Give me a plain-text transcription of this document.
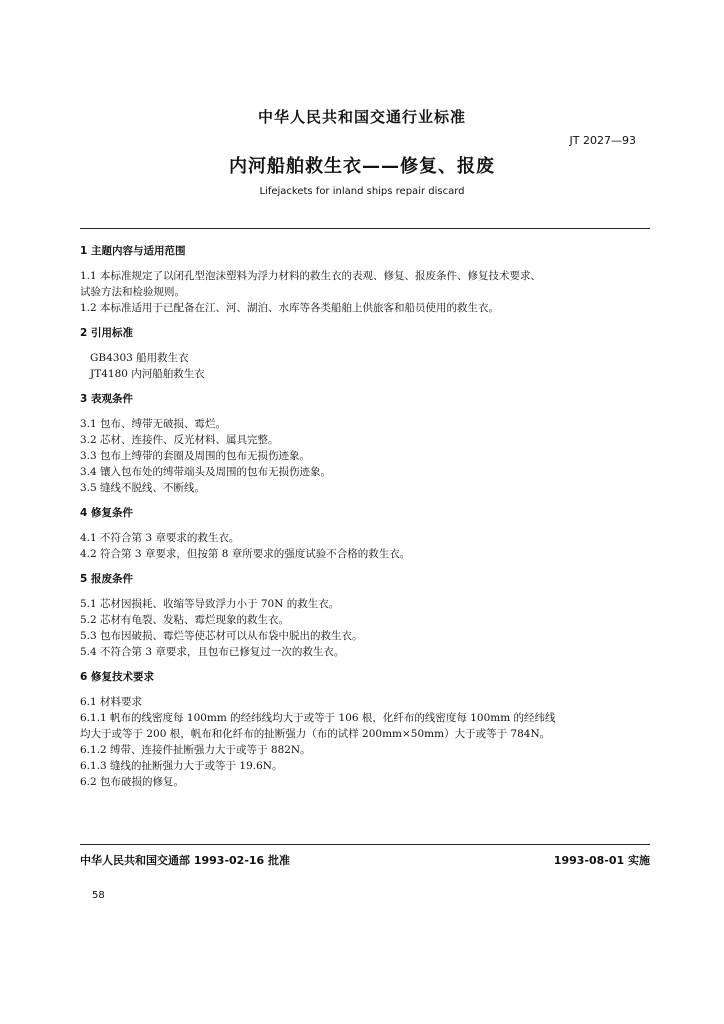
中华人民共和国交通行业标准
JT 2027—93
内河船舶救生衣——修复、报废
Lifejackets for inland ships repair discard

1 主题内容与适用范围

1.1 本标准规定了以闭孔型泡沫塑料为浮力材料的救生衣的表观、修复、报废条件、修复技术要求、

试验方法和检验规则。

1.2 本标准适用于已配备在江、河、湖泊、水库等各类船舶上供旅客和船员使用的救生衣。

2 引用标准

GB4303 船用救生衣

JT4180 内河船舶救生衣

3 表观条件

3.1 包布、缚带无破损、霉烂。

3.2 芯材、连接件、反光材料、属具完整。

3.3 包布上缚带的套圈及周围的包布无损伤迹象。

3.4 镶入包布处的缚带端头及周围的包布无损伤迹象。

3.5 缝线不脱线、不断线。

4 修复条件

4.1 不符合第 3 章要求的救生衣。

4.2 符合第 3 章要求，但按第 8 章所要求的强度试验不合格的救生衣。

5 报废条件

5.1 芯材因损耗、收缩等导致浮力小于 70N 的救生衣。

5.2 芯材有龟裂、发粘、霉烂现象的救生衣。

5.3 包布因破损、霉烂等使芯材可以从布袋中脱出的救生衣。

5.4 不符合第 3 章要求，且包布已修复过一次的救生衣。

6 修复技术要求

6.1 材料要求

6.1.1 帆布的线密度每 100mm 的经纬线均大于或等于 106 根，化纤布的线密度每 100mm 的经纬线

均大于或等于 200 根，帆布和化纤布的扯断强力（布的试样 200mm×50mm）大于或等于 784N。

6.1.2 缚带、连接件扯断强力大于或等于 882N。

6.1.3 缝线的扯断强力大于或等于 19.6N。

6.2 包布破损的修复。

中华人民共和国交通部 1993-02-16 批准	1993-08-01 实施
58
